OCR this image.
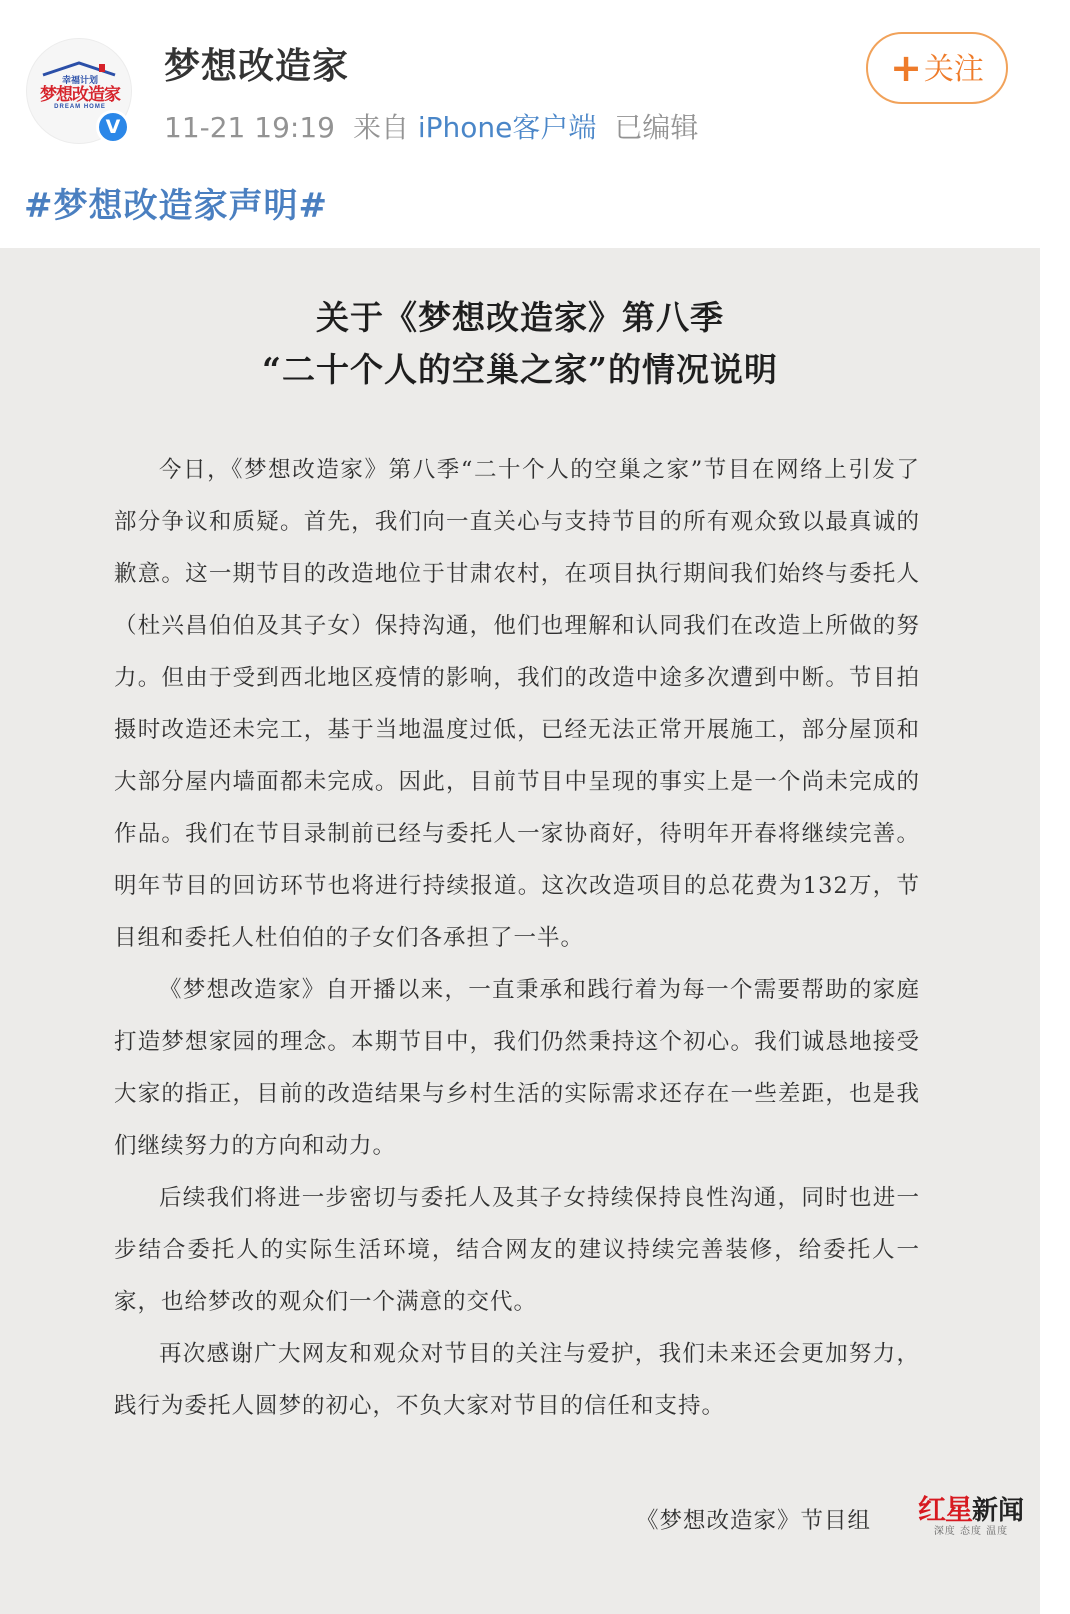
幸福计划
梦想改造家
DREAM HOME
V
梦想改造家
11-21 19:19 来自 iPhone客户端 已编辑
+关注
#梦想改造家声明#
关于《梦想改造家》第八季
“二十个人的空巢之家”的情况说明

今日，《梦想改造家》第八季“二十个人的空巢之家”节目在网络上引发了部分争议和质疑。首先，我们向一直关心与支持节目的所有观众致以最真诚的歉意。这一期节目的改造地位于甘肃农村，在项目执行期间我们始终与委托人（杜兴昌伯伯及其子女）保持沟通，他们也理解和认同我们在改造上所做的努力。但由于受到西北地区疫情的影响，我们的改造中途多次遭到中断。节目拍摄时改造还未完工，基于当地温度过低，已经无法正常开展施工，部分屋顶和大部分屋内墙面都未完成。因此，目前节目中呈现的事实上是一个尚未完成的作品。我们在节目录制前已经与委托人一家协商好，待明年开春将继续完善。明年节目的回访环节也将进行持续报道。这次改造项目的总花费为132万，节目组和委托人杜伯伯的子女们各承担了一半。

《梦想改造家》自开播以来，一直秉承和践行着为每一个需要帮助的家庭打造梦想家园的理念。本期节目中，我们仍然秉持这个初心。我们诚恳地接受大家的指正，目前的改造结果与乡村生活的实际需求还存在一些差距，也是我们继续努力的方向和动力。

后续我们将进一步密切与委托人及其子女持续保持良性沟通，同时也进一步结合委托人的实际生活环境，结合网友的建议持续完善装修，给委托人一家，也给梦改的观众们一个满意的交代。

再次感谢广大网友和观众对节目的关注与爱护，我们未来还会更加努力，践行为委托人圆梦的初心，不负大家对节目的信任和支持。

《梦想改造家》节目组	红星新闻
深度 态度 温度
